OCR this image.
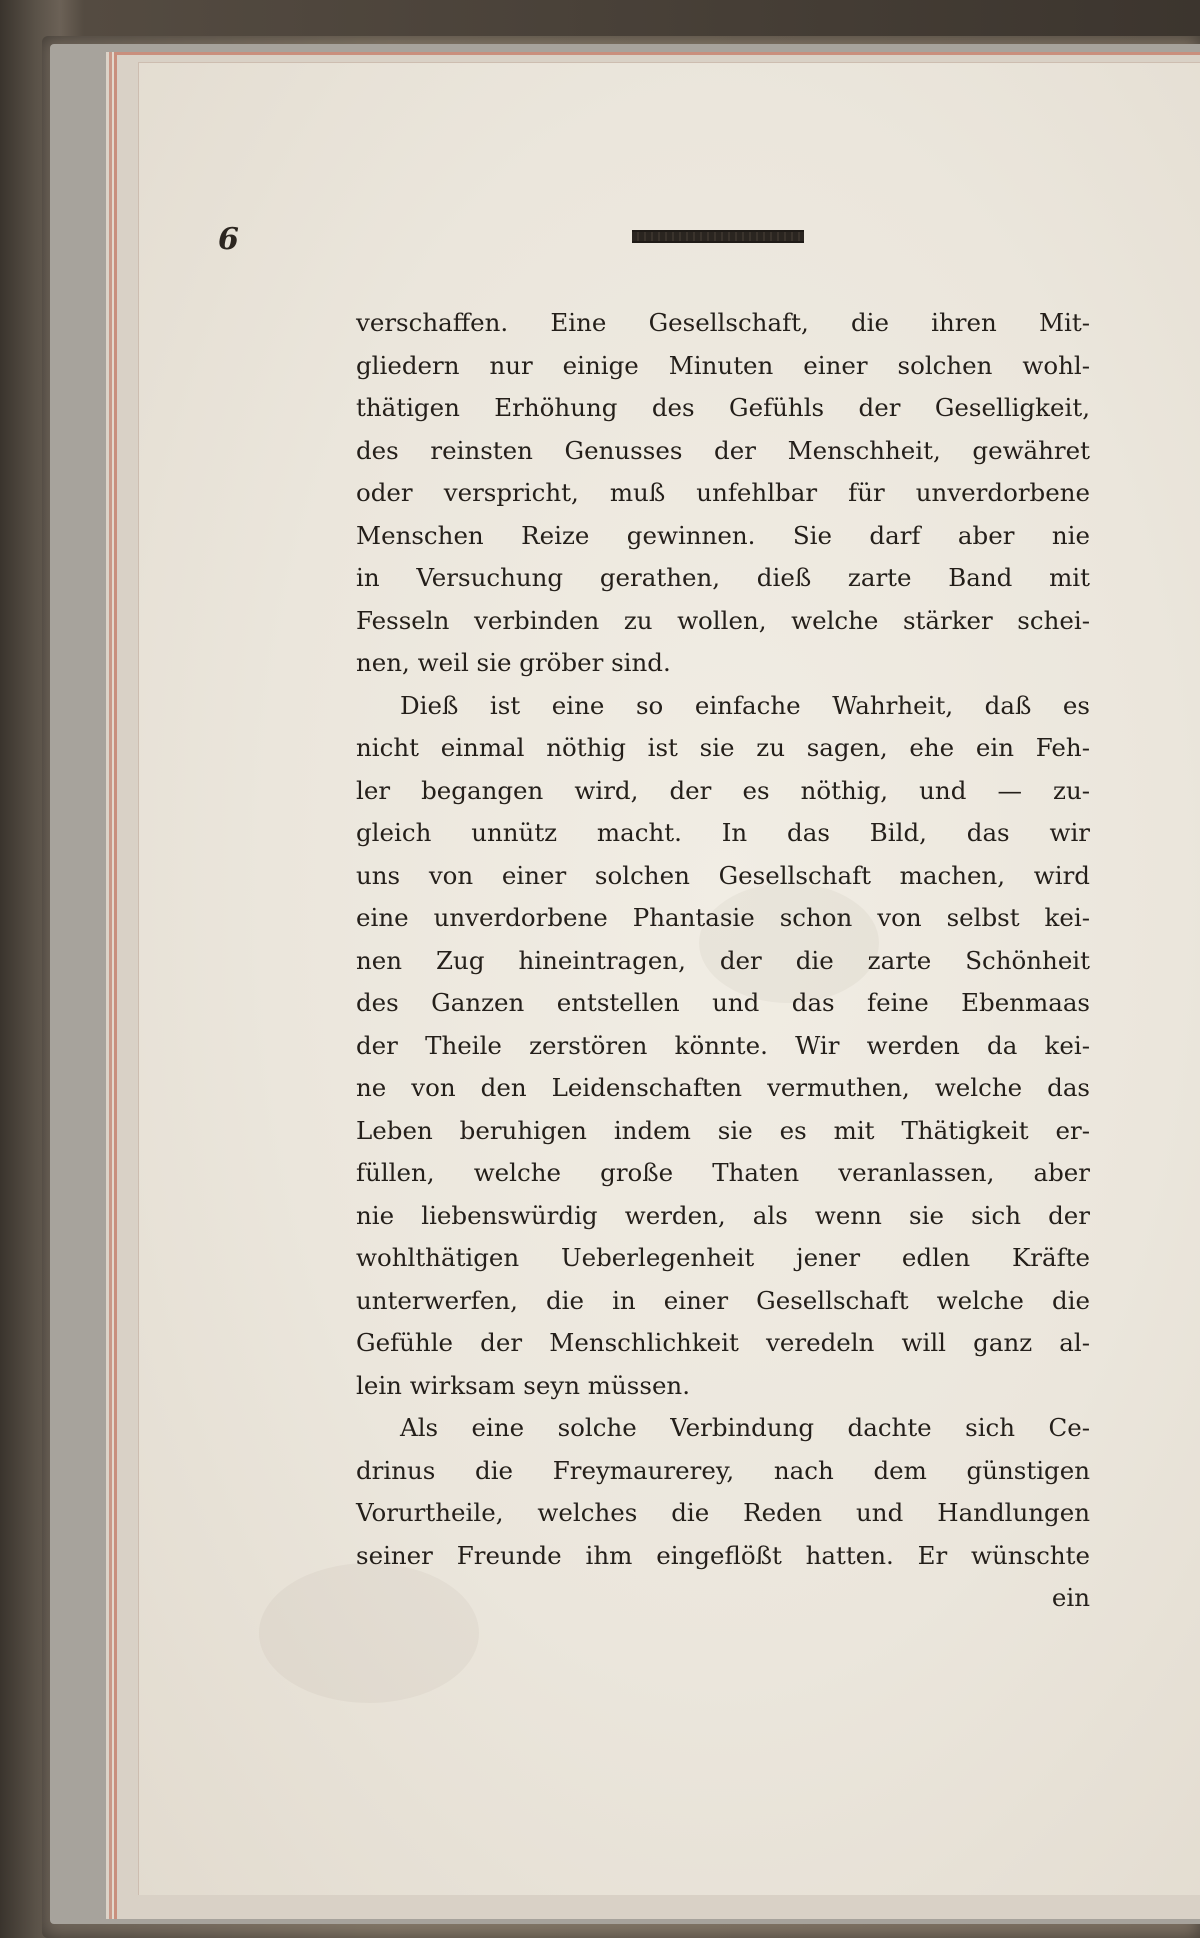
6
verschaffen. Eine Gesellschaft, die ihren Mit-
gliedern nur einige Minuten einer solchen wohl-
thätigen Erhöhung des Gefühls der Geselligkeit,
des reinsten Genusses der Menschheit, gewähret
oder verspricht, muß unfehlbar für unverdorbene
Menschen Reize gewinnen. Sie darf aber nie
in Versuchung gerathen, dieß zarte Band mit
Fesseln verbinden zu wollen, welche stärker schei-
nen, weil sie gröber sind.
Dieß ist eine so einfache Wahrheit, daß es
nicht einmal nöthig ist sie zu sagen, ehe ein Feh-
ler begangen wird, der es nöthig, und — zu-
gleich unnütz macht. In das Bild, das wir
uns von einer solchen Gesellschaft machen, wird
eine unverdorbene Phantasie schon von selbst kei-
nen Zug hineintragen, der die zarte Schönheit
des Ganzen entstellen und das feine Ebenmaas
der Theile zerstören könnte. Wir werden da kei-
ne von den Leidenschaften vermuthen, welche das
Leben beruhigen indem sie es mit Thätigkeit er-
füllen, welche große Thaten veranlassen, aber
nie liebenswürdig werden, als wenn sie sich der
wohlthätigen Ueberlegenheit jener edlen Kräfte
unterwerfen, die in einer Gesellschaft welche die
Gefühle der Menschlichkeit veredeln will ganz al-
lein wirksam seyn müssen.
Als eine solche Verbindung dachte sich Ce-
drinus die Freymaurerey, nach dem günstigen
Vorurtheile, welches die Reden und Handlungen
seiner Freunde ihm eingeflößt hatten. Er wünschte
ein
